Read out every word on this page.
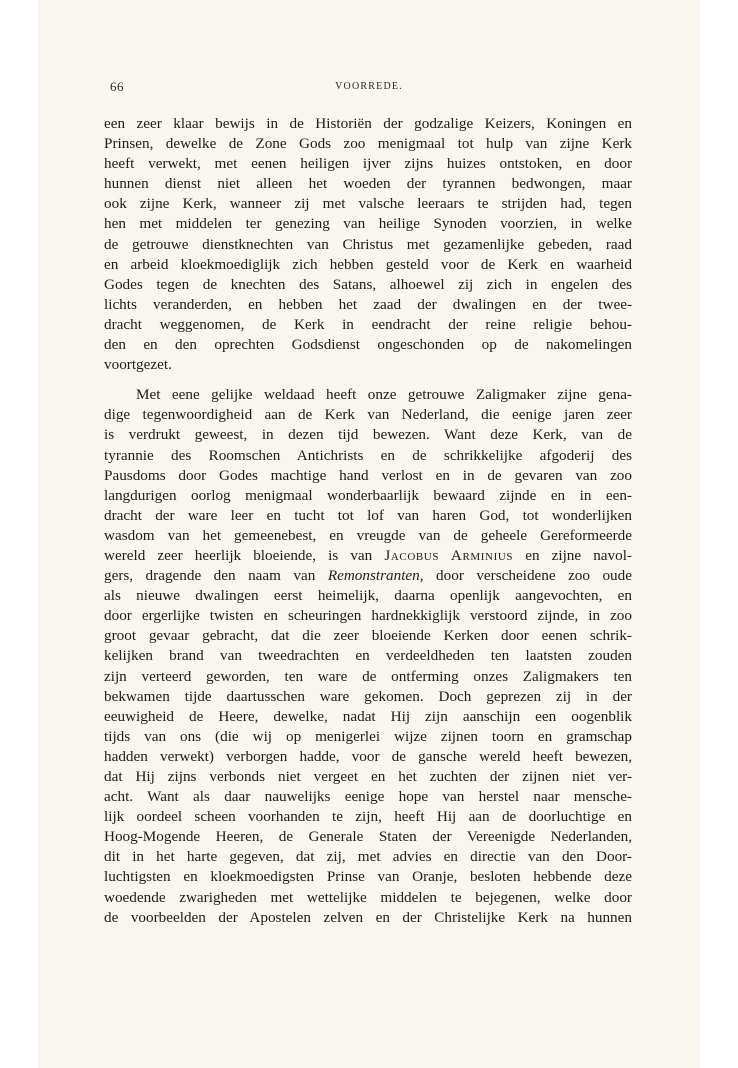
66	VOORREDE.

een zeer klaar bewijs in de Historiën der godzalige Keizers, Koningen en
Prinsen, dewelke de Zone Gods zoo menigmaal tot hulp van zijne Kerk
heeft verwekt, met eenen heiligen ijver zijns huizes ontstoken, en door
hunnen dienst niet alleen het woeden der tyrannen bedwongen, maar
ook zijne Kerk, wanneer zij met valsche leeraars te strijden had, tegen
hen met middelen ter genezing van heilige Synoden voorzien, in welke
de getrouwe dienstknechten van Christus met gezamenlijke gebeden, raad
en arbeid kloekmoediglijk zich hebben gesteld voor de Kerk en waarheid
Godes tegen de knechten des Satans, alhoewel zij zich in engelen des
lichts veranderden, en hebben het zaad der dwalingen en der twee-
dracht weggenomen, de Kerk in eendracht der reine religie behou-
den en den oprechten Godsdienst ongeschonden op de nakomelingen
voortgezet.

Met eene gelijke weldaad heeft onze getrouwe Zaligmaker zijne gena-
dige tegenwoordigheid aan de Kerk van Nederland, die eenige jaren zeer
is verdrukt geweest, in dezen tijd bewezen. Want deze Kerk, van de
tyrannie des Roomschen Antichrists en de schrikkelijke afgoderij des
Pausdoms door Godes machtige hand verlost en in de gevaren van zoo
langdurigen oorlog menigmaal wonderbaarlijk bewaard zijnde en in een-
dracht der ware leer en tucht tot lof van haren God, tot wonderlijken
wasdom van het gemeenebest, en vreugde van de geheele Gereformeerde
wereld zeer heerlijk bloeiende, is van Jacobus Arminius en zijne navol-
gers, dragende den naam van Remonstranten, door verscheidene zoo oude
als nieuwe dwalingen eerst heimelijk, daarna openlijk aangevochten, en
door ergerlijke twisten en scheuringen hardnekkiglijk verstoord zijnde, in zoo
groot gevaar gebracht, dat die zeer bloeiende Kerken door eenen schrik-
kelijken brand van tweedrachten en verdeeldheden ten laatsten zouden
zijn verteerd geworden, ten ware de ontferming onzes Zaligmakers ten
bekwamen tijde daartusschen ware gekomen. Doch geprezen zij in der
eeuwigheid de Heere, dewelke, nadat Hij zijn aanschijn een oogenblik
tijds van ons (die wij op menigerlei wijze zijnen toorn en gramschap
hadden verwekt) verborgen hadde, voor de gansche wereld heeft bewezen,
dat Hij zijns verbonds niet vergeet en het zuchten der zijnen niet ver-
acht. Want als daar nauwelijks eenige hope van herstel naar mensche-
lijk oordeel scheen voorhanden te zijn, heeft Hij aan de doorluchtige en
Hoog-Mogende Heeren, de Generale Staten der Vereenigde Nederlanden,
dit in het harte gegeven, dat zij, met advies en directie van den Door-
luchtigsten en kloekmoedigsten Prinse van Oranje, besloten hebbende deze
woedende zwarigheden met wettelijke middelen te bejegenen, welke door
de voorbeelden der Apostelen zelven en der Christelijke Kerk na hunnen
